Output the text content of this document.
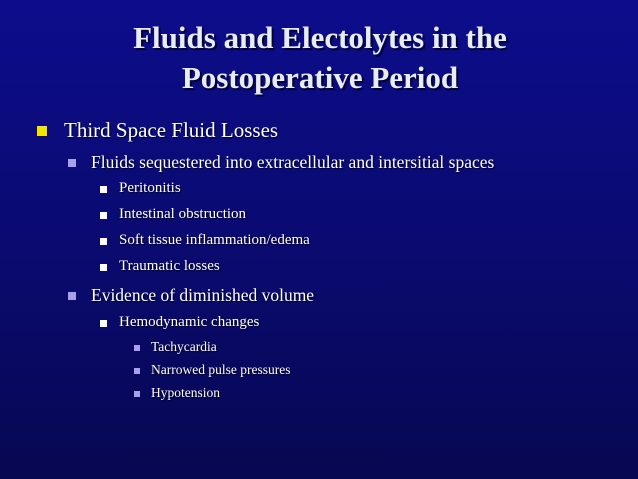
Fluids and Electolytes in the
Postoperative Period
Third Space Fluid Losses
Fluids sequestered into extracellular and intersitial spaces
Peritonitis
Intestinal obstruction
Soft tissue inflammation/edema
Traumatic losses
Evidence of diminished volume
Hemodynamic changes
Tachycardia
Narrowed pulse pressures
Hypotension
